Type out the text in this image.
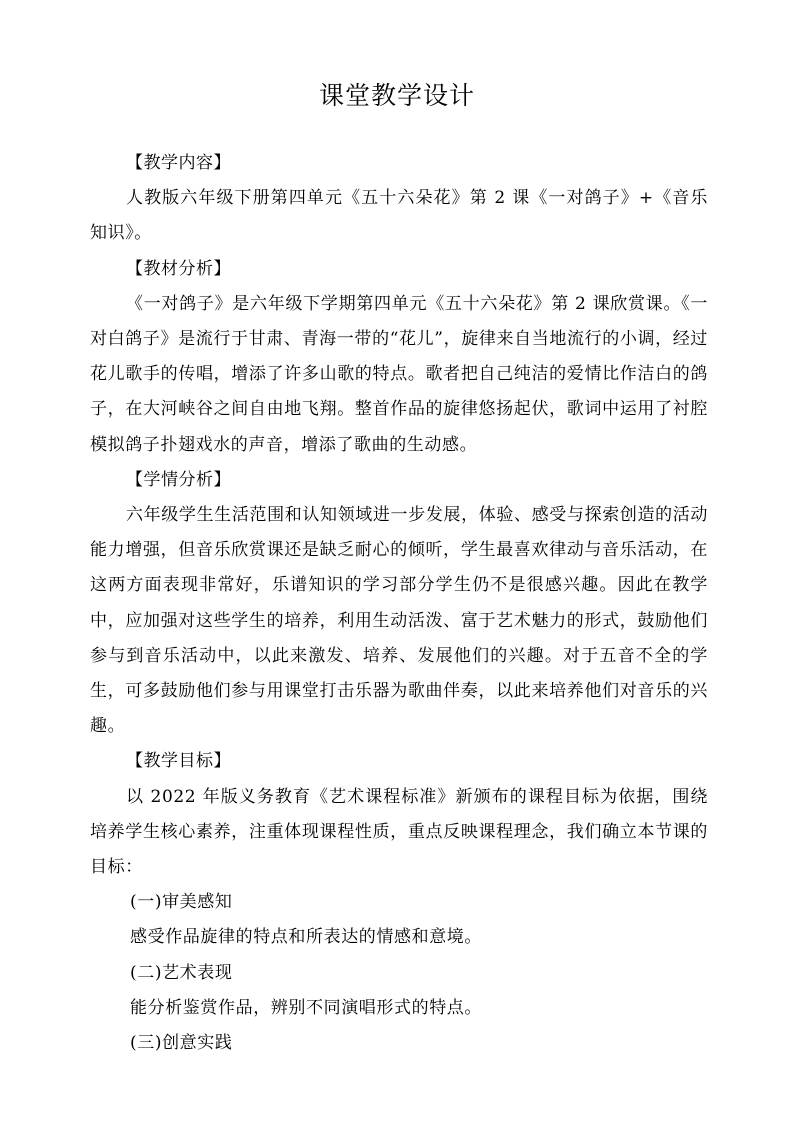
课堂教学设计

【教学内容】

人教版六年级下册第四单元《五十六朵花》第 2 课《一对鸽子》+《音乐知识》。

【教材分析】

《一对鸽子》是六年级下学期第四单元《五十六朵花》第 2 课欣赏课。《一对白鸽子》是流行于甘肃、青海一带的“花儿”，旋律来自当地流行的小调，经过花儿歌手的传唱，增添了许多山歌的特点。歌者把自己纯洁的爱情比作洁白的鸽子，在大河峡谷之间自由地飞翔。整首作品的旋律悠扬起伏，歌词中运用了衬腔模拟鸽子扑翅戏水的声音，增添了歌曲的生动感。

【学情分析】

六年级学生生活范围和认知领域进一步发展，体验、感受与探索创造的活动能力增强，但音乐欣赏课还是缺乏耐心的倾听，学生最喜欢律动与音乐活动，在这两方面表现非常好，乐谱知识的学习部分学生仍不是很感兴趣。因此在教学中，应加强对这些学生的培养，利用生动活泼、富于艺术魅力的形式，鼓励他们参与到音乐活动中，以此来激发、培养、发展他们的兴趣。对于五音不全的学生，可多鼓励他们参与用课堂打击乐器为歌曲伴奏，以此来培养他们对音乐的兴趣。

【教学目标】

以 2022 年版义务教育《艺术课程标准》新颁布的课程目标为依据，围绕培养学生核心素养，注重体现课程性质，重点反映课程理念，我们确立本节课的目标：

(一)审美感知

感受作品旋律的特点和所表达的情感和意境。

(二)艺术表现

能分析鉴赏作品，辨别不同演唱形式的特点。

(三)创意实践
